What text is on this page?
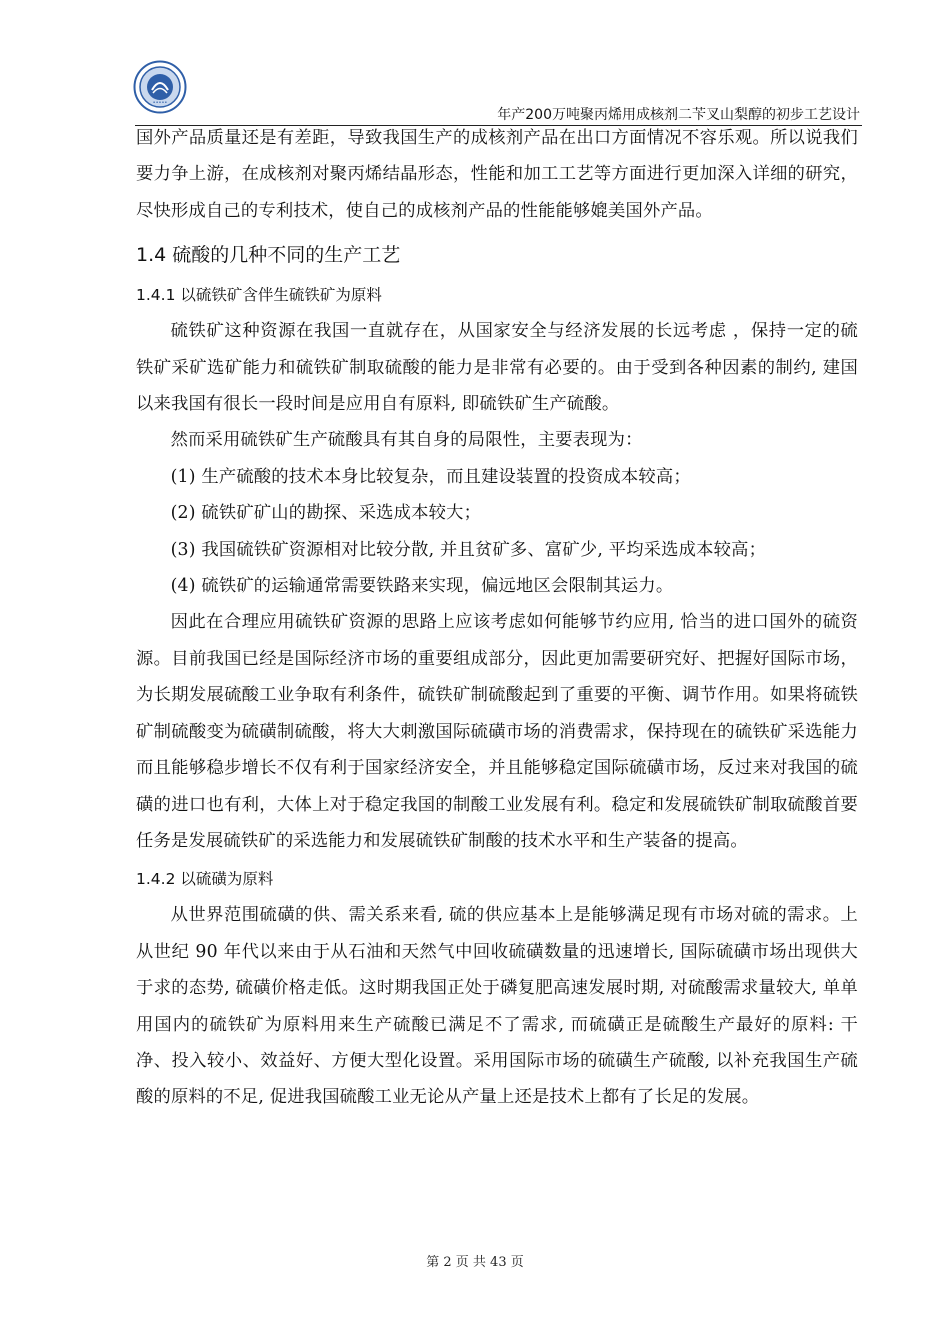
•••••
年产200万吨聚丙烯用成核剂二苄叉山梨醇的初步工艺设计

国外产品质量还是有差距，导致我国生产的成核剂产品在出口方面情况不容乐观。所以说我们要力争上游，在成核剂对聚丙烯结晶形态，性能和加工工艺等方面进行更加深入详细的研究，尽快形成自己的专利技术，使自己的成核剂产品的性能能够媲美国外产品。

1.4 硫酸的几种不同的生产工艺
1.4.1 以硫铁矿含伴生硫铁矿为原料

硫铁矿这种资源在我国一直就存在，从国家安全与经济发展的长远考虑 ，保持一定的硫铁矿采矿选矿能力和硫铁矿制取硫酸的能力是非常有必要的。由于受到各种因素的制约, 建国以来我国有很长一段时间是应用自有原料, 即硫铁矿生产硫酸。

然而采用硫铁矿生产硫酸具有其自身的局限性，主要表现为：

(1) 生产硫酸的技术本身比较复杂，而且建设装置的投资成本较高；

(2) 硫铁矿矿山的勘探、采选成本较大；

(3) 我国硫铁矿资源相对比较分散, 并且贫矿多、富矿少, 平均采选成本较高；

(4) 硫铁矿的运输通常需要铁路来实现，偏远地区会限制其运力。

因此在合理应用硫铁矿资源的思路上应该考虑如何能够节约应用, 恰当的进口国外的硫资源。目前我国已经是国际经济市场的重要组成部分，因此更加需要研究好、把握好国际市场，为长期发展硫酸工业争取有利条件，硫铁矿制硫酸起到了重要的平衡、调节作用。如果将硫铁矿制硫酸变为硫磺制硫酸，将大大刺激国际硫磺市场的消费需求，保持现在的硫铁矿采选能力而且能够稳步增长不仅有利于国家经济安全，并且能够稳定国际硫磺市场，反过来对我国的硫磺的进口也有利，大体上对于稳定我国的制酸工业发展有利。稳定和发展硫铁矿制取硫酸首要任务是发展硫铁矿的采选能力和发展硫铁矿制酸的技术水平和生产装备的提高。

1.4.2 以硫磺为原料

从世界范围硫磺的供、需关系来看, 硫的供应基本上是能够满足现有市场对硫的需求。上从世纪 90 年代以来由于从石油和天然气中回收硫磺数量的迅速增长, 国际硫磺市场出现供大于求的态势, 硫磺价格走低。这时期我国正处于磷复肥高速发展时期, 对硫酸需求量较大, 单单用国内的硫铁矿为原料用来生产硫酸已满足不了需求, 而硫磺正是硫酸生产最好的原料: 干净、投入较小、效益好、方便大型化设置。采用国际市场的硫磺生产硫酸, 以补充我国生产硫酸的原料的不足, 促进我国硫酸工业无论从产量上还是技术上都有了长足的发展。

第 2 页 共 43 页
